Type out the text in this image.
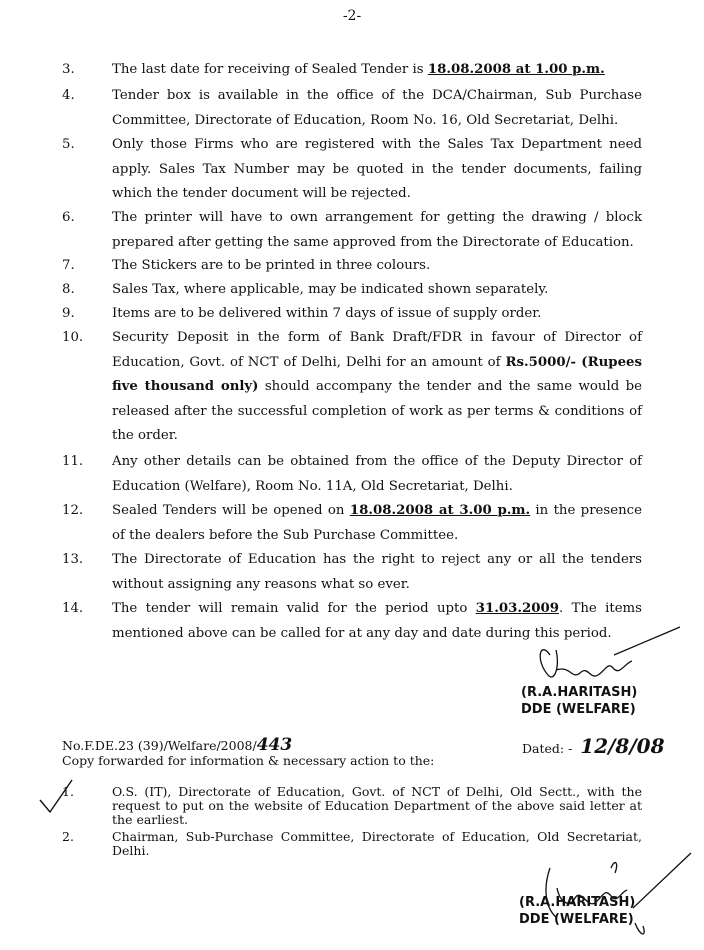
-2-
3.	The last date for receiving of Sealed Tender is 18.08.2008 at 1.00 p.m.
4.	Tender box is available in the office of the DCA/Chairman, Sub Purchase Committee, Directorate of Education, Room No. 16, Old Secretariat, Delhi.
5.	Only those Firms who are registered with the Sales Tax Department need apply. Sales Tax Number may be quoted in the tender documents, failing which the tender document will be rejected.
6.	The printer will have to own arrangement for getting the drawing / block prepared after getting the same approved from the Directorate of Education.
7.	The Stickers are to be printed in three colours.
8.	Sales Tax, where applicable, may be indicated shown separately.
9.	Items are to be delivered within 7 days of issue of supply order.
10.	Security Deposit in the form of Bank Draft/FDR in favour of Director of Education, Govt. of NCT of Delhi, Delhi for an amount of Rs.5000/- (Rupees five thousand only) should accompany the tender and the same would be released after the successful completion of work as per terms & conditions of the order.
11.	Any other details can be obtained from the office of the Deputy Director of Education (Welfare), Room No. 11A, Old Secretariat, Delhi.
12.	Sealed Tenders will be opened on 18.08.2008 at 3.00 p.m. in the presence of the dealers before the Sub Purchase Committee.
13.	The Directorate of Education has the right to reject any or all the tenders without assigning any reasons what so ever.
14.	The tender will remain valid for the period upto 31.03.2009. The items mentioned above can be called for at any day and date during this period.
(R.A.HARITASH)
DDE (WELFARE)
No.F.DE.23 (39)/Welfare/2008/443	Dated: - 12/8/08
Copy forwarded for information & necessary action to the:
1.	O.S. (IT), Directorate of Education, Govt. of NCT of Delhi, Old Sectt., with the request to put on the website of Education Department of the above said letter at the earliest.
2.	Chairman, Sub-Purchase Committee, Directorate of Education, Old Secretariat, Delhi.
(R.A.HARITASH)
DDE (WELFARE)
